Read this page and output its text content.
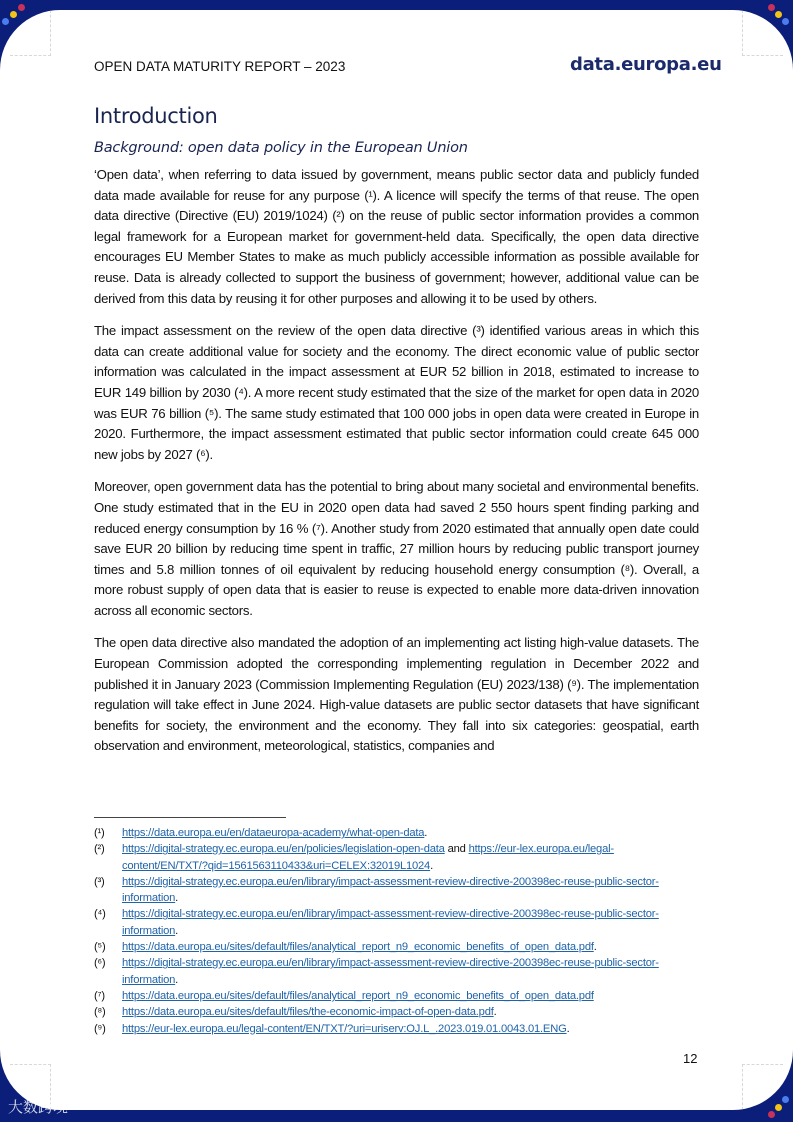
OPEN DATA MATURITY REPORT – 2023	data.europa.eu
Introduction
Background: open data policy in the European Union

‘Open data’, when referring to data issued by government, means public sector data and publicly funded data made available for reuse for any purpose (¹). A licence will specify the terms of that reuse. The open data directive (Directive (EU) 2019/1024) (²) on the reuse of public sector information provides a common legal framework for a European market for government-held data. Specifically, the open data directive encourages EU Member States to make as much publicly accessible information as possible available for reuse. Data is already collected to support the business of government; however, additional value can be derived from this data by reusing it for other purposes and allowing it to be used by others.

The impact assessment on the review of the open data directive (³) identified various areas in which this data can create additional value for society and the economy. The direct economic value of public sector information was calculated in the impact assessment at EUR 52 billion in 2018, estimated to increase to EUR 149 billion by 2030 (⁴). A more recent study estimated that the size of the market for open data in 2020 was EUR 76 billion (⁵). The same study estimated that 100 000 jobs in open data were created in Europe in 2020. Furthermore, the impact assessment estimated that public sector information could create 645 000 new jobs by 2027 (⁶).

Moreover, open government data has the potential to bring about many societal and environmental benefits. One study estimated that in the EU in 2020 open data had saved 2 550 hours spent finding parking and reduced energy consumption by 16 % (⁷). Another study from 2020 estimated that annually open date could save EUR 20 billion by reducing time spent in traffic, 27 million hours by reducing public transport journey times and 5.8 million tonnes of oil equivalent by reducing household energy consumption (⁸). Overall, a more robust supply of open data that is easier to reuse is expected to enable more data-driven innovation across all economic sectors.

The open data directive also mandated the adoption of an implementing act listing high-value datasets. The European Commission adopted the corresponding implementing regulation in December 2022 and published it in January 2023 (Commission Implementing Regulation (EU) 2023/138) (⁹). The implementation regulation will take effect in June 2024. High-value datasets are public sector datasets that have significant benefits for society, the environment and the economy. They fall into six categories: geospatial, earth observation and environment, meteorological, statistics, companies and

(¹)	https://data.europa.eu/en/dataeuropa-academy/what-open-data.
(²)	https://digital-strategy.ec.europa.eu/en/policies/legislation-open-data and https://eur-lex.europa.eu/legal-content/EN/TXT/?qid=1561563110433&uri=CELEX:32019L1024.
(³)	https://digital-strategy.ec.europa.eu/en/library/impact-assessment-review-directive-200398ec-reuse-public-sector-information.
(⁴)	https://digital-strategy.ec.europa.eu/en/library/impact-assessment-review-directive-200398ec-reuse-public-sector-information.
(⁵)	https://data.europa.eu/sites/default/files/analytical_report_n9_economic_benefits_of_open_data.pdf.
(⁶)	https://digital-strategy.ec.europa.eu/en/library/impact-assessment-review-directive-200398ec-reuse-public-sector-information.
(⁷)	https://data.europa.eu/sites/default/files/analytical_report_n9_economic_benefits_of_open_data.pdf
(⁸)	https://data.europa.eu/sites/default/files/the-economic-impact-of-open-data.pdf.
(⁹)	https://eur-lex.europa.eu/legal-content/EN/TXT/?uri=uriserv:OJ.L_.2023.019.01.0043.01.ENG.
12
大数跨境
